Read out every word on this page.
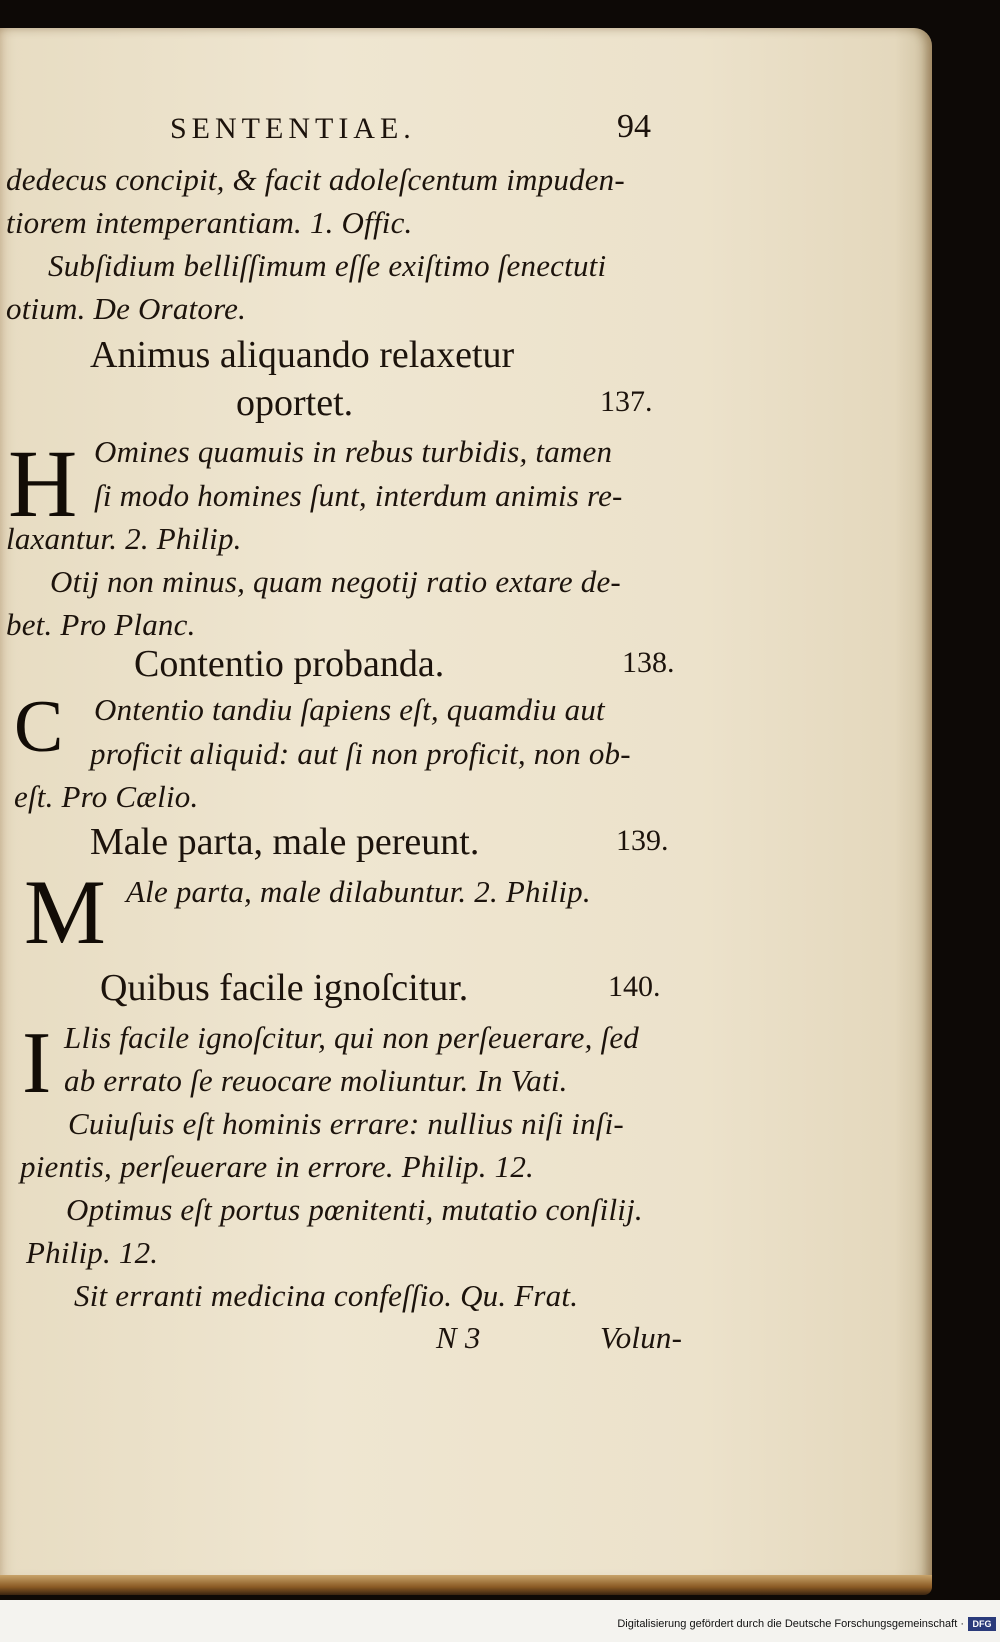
SENTENTIAE.	94
dedecus concipit, & facit adoleſcentum impuden-
tiorem intemperantiam. 1. Offic.
Subſidium belliſſimum eſſe exiſtimo ſenectuti
otium. De Oratore.
Animus aliquando relaxetur
oportet.	137.
H Omines quamuis in rebus turbidis, tamen
ſi modo homines ſunt, interdum animis re-
laxantur. 2. Philip.
Otij non minus, quam negotij ratio extare de-
bet. Pro Planc.
Contentio probanda.	138.
C Ontentio tandiu ſapiens eſt, quamdiu aut
proficit aliquid: aut ſi non proficit, non ob-
eſt. Pro Cælio.
Male parta, male pereunt.	139.
M Ale parta, male dilabuntur. 2. Philip.
Quibus facile ignoſcitur.	140.
I Llis facile ignoſcitur, qui non perſeuerare, ſed
ab errato ſe reuocare moliuntur. In Vati.
Cuiuſuis eſt hominis errare: nullius niſi inſi-
pientis, perſeuerare in errore. Philip. 12.
Optimus eſt portus pœnitenti, mutatio conſilij.
Philip. 12.
Sit erranti medicina confeſſio. Qu. Frat.
N 3	Volun-
Digitalisierung gefördert durch die Deutsche Forschungsgemeinschaft · DFG
